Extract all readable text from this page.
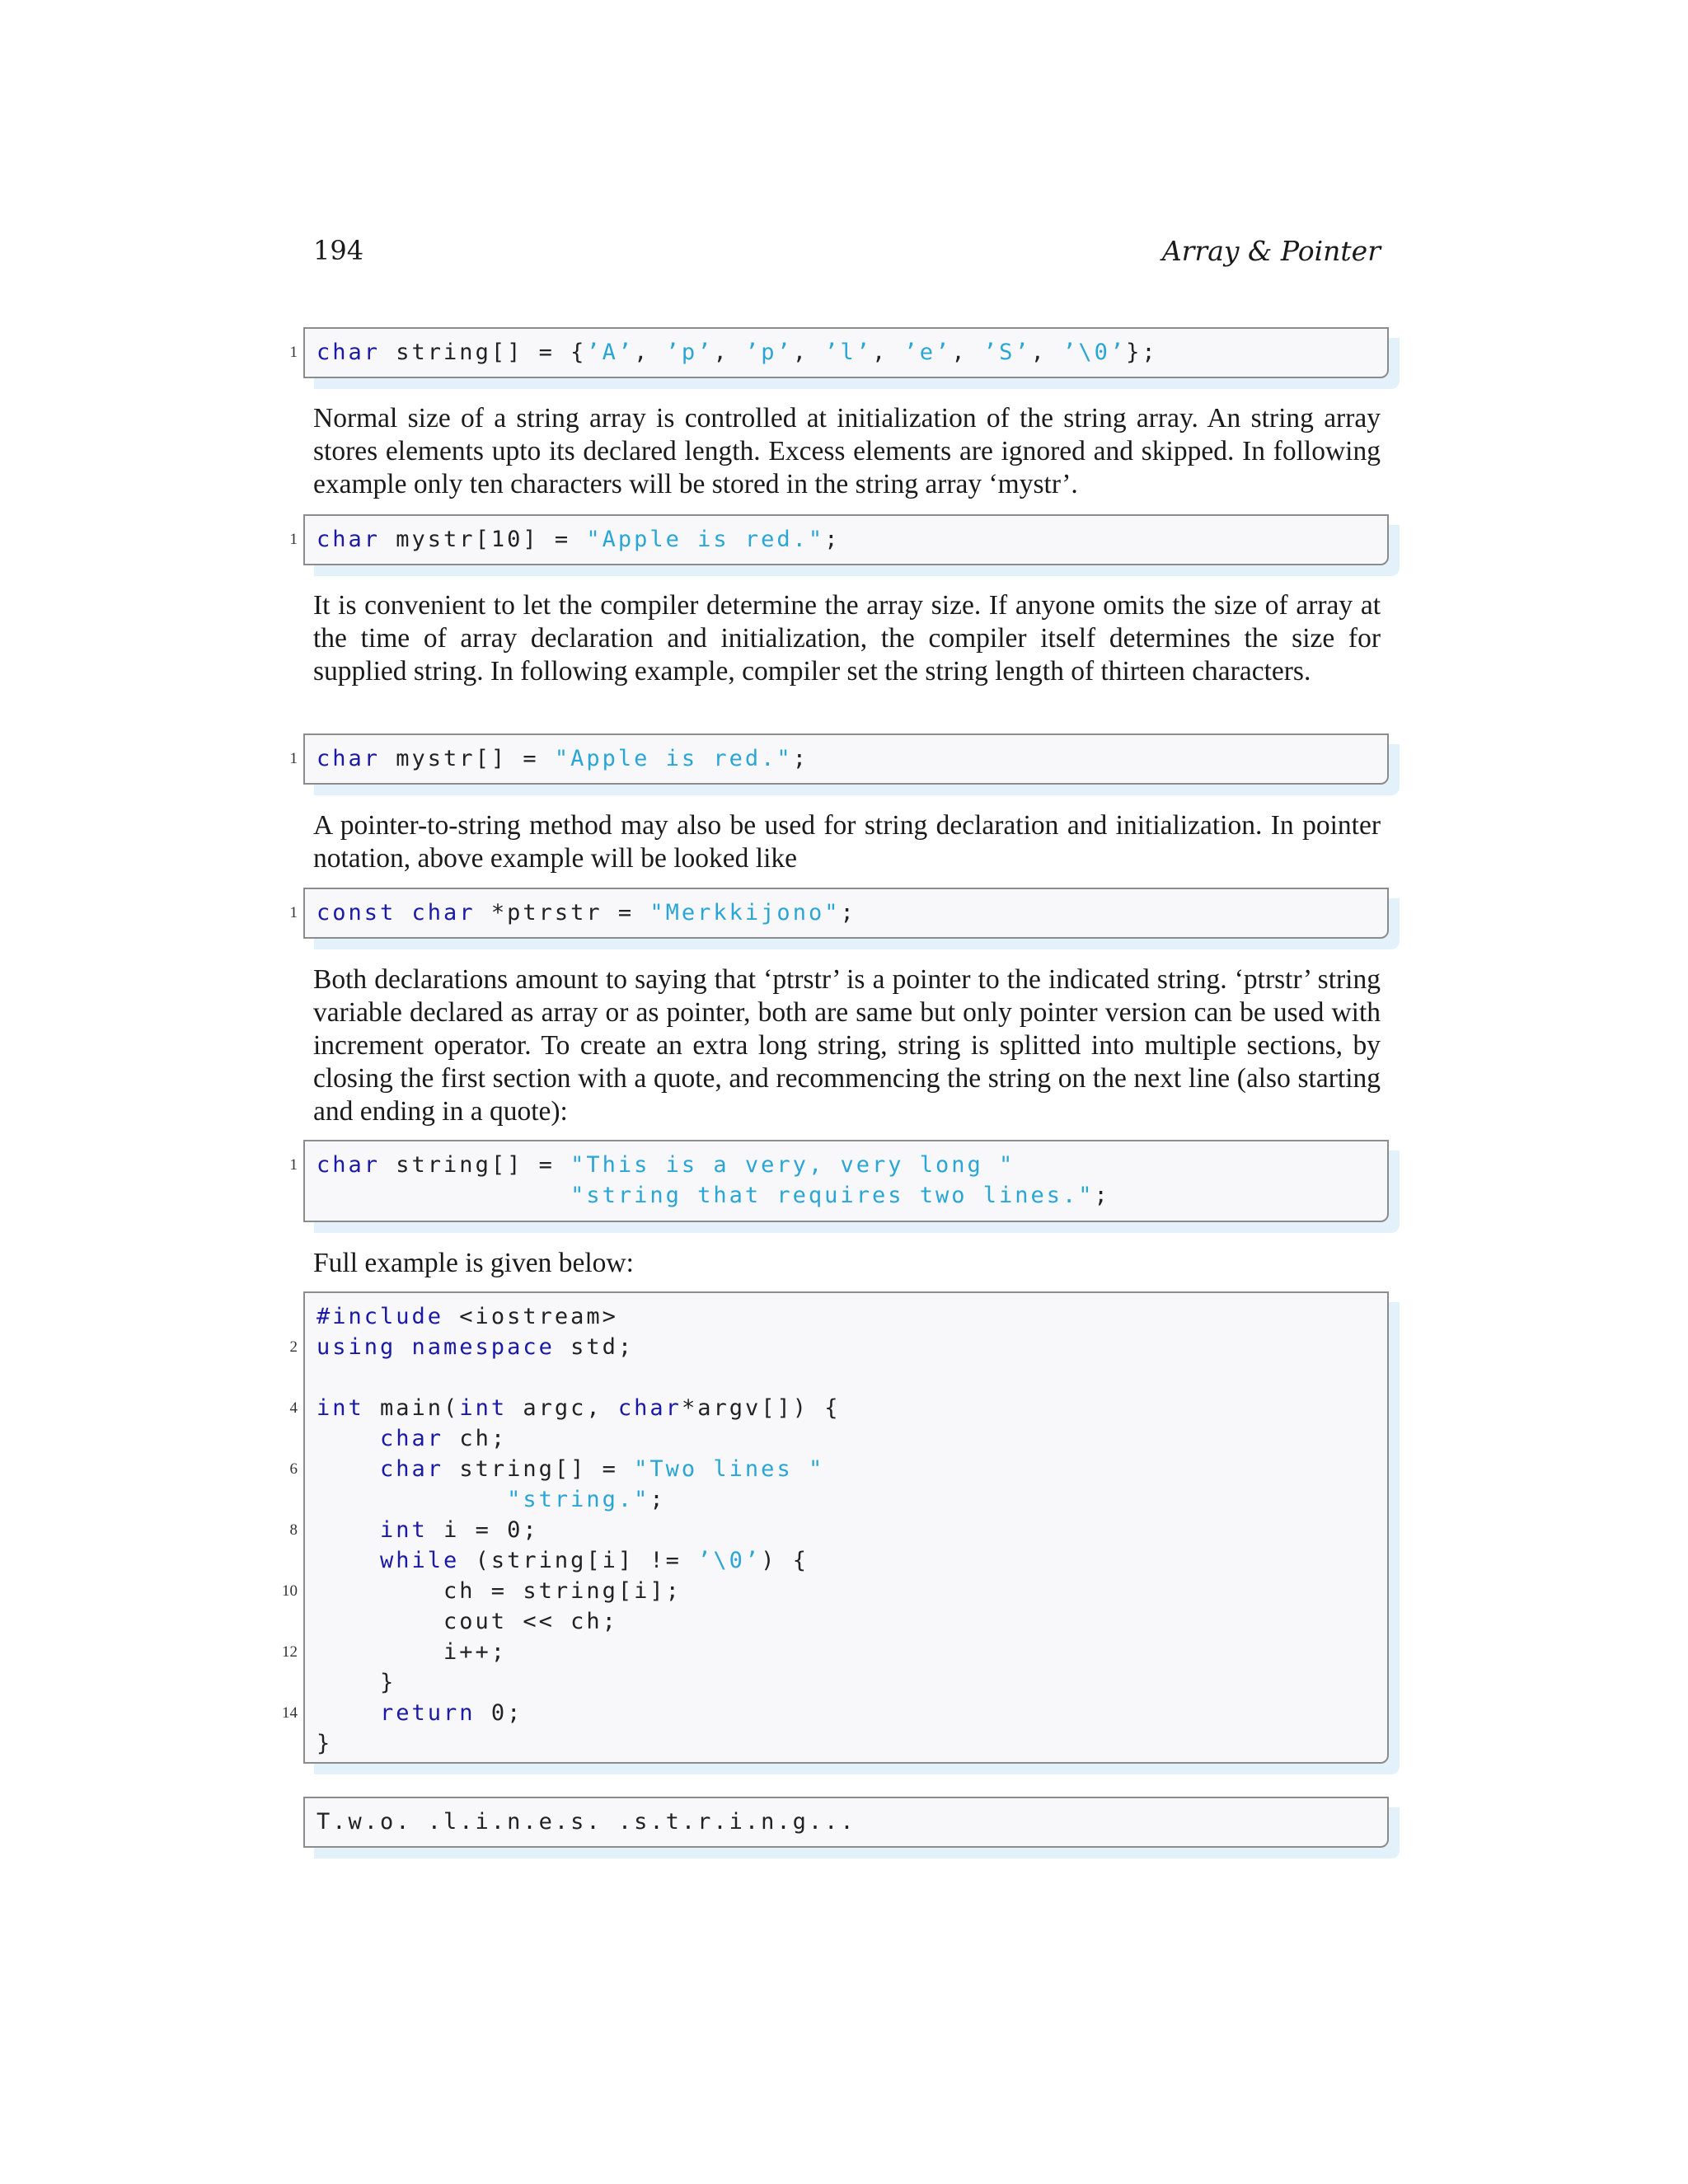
194	Array & Pointer
1 char string[] = {’A’, ’p’, ’p’, ’l’, ’e’, ’S’, ’\0’};

Normal size of a string array is controlled at initialization of the string array. An string array stores elements upto its declared length. Excess elements are ignored and skipped. In following example only ten characters will be stored in the string array ‘mystr’.

1 char mystr[10] = "Apple is red.";

It is convenient to let the compiler determine the array size. If anyone omits the size of array at the time of array declaration and initialization, the compiler itself determines the size for supplied string. In following example, compiler set the string length of thirteen characters.

1 char mystr[] = "Apple is red.";

A pointer-to-string method may also be used for string declaration and initialization. In pointer notation, above example will be looked like

1 const char *ptrstr = "Merkkijono";

Both declarations amount to saying that ‘ptrstr’ is a pointer to the indicated string. ‘ptrstr’ string variable declared as array or as pointer, both are same but only pointer version can be used with increment operator. To create an extra long string, string is splitted into multiple sections, by closing the first section with a quote, and recommencing the string on the next line (also starting and ending in a quote):

1 char string[] = "This is a very, very long "
"string that requires two lines.";

Full example is given below:

#include <iostream>
2 using namespace std;
4 int main(int argc, char*argv[]) {
char ch;
6	char string[] = "Two lines "
"string.";
8	int i = 0;
while (string[i] != ’\0’) {
10 ch = string[i];
cout << ch;
12 i++;
}
14	return 0;
}
T.w.o. .l.i.n.e.s. .s.t.r.i.n.g...
